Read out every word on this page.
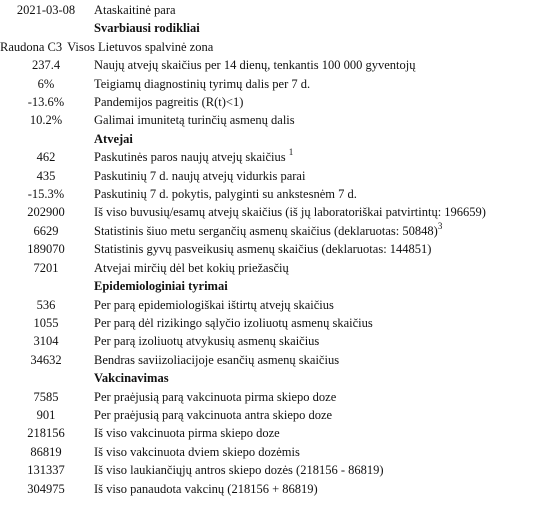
2021-03-08	Ataskaitinė para
	Svarbiausi rodikliai
Raudona C3 Visos Lietuvos spalvinė zona	
237.4	Naujų atvejų skaičius per 14 dienų, tenkantis 100 000 gyventojų
6%	Teigiamų diagnostinių tyrimų dalis per 7 d.
-13.6%	Pandemijos pagreitis (R(t)<1)
10.2%	Galimai imunitetą turinčių asmenų dalis
	Atvejai
462	Paskutinės paros naujų atvejų skaičius $^1$
435	Paskutinių 7 d. naujų atvejų vidurkis parai
-15.3%	Paskutinių 7 d. pokytis, palyginti su ankstesnėm 7 d.
202900	Iš viso buvusių/esamų atvejų skaičius (iš jų laboratoriškai patvirtintų: 196659)
6629	Statistinis šiuo metu sergančių asmenų skaičius (deklaruotas: 50848)$^3$
189070	Statistinis gyvų pasveikusių asmenų skaičius (deklaruotas: 144851)
7201	Atvejai mirčių dėl bet kokių priežasčių
	Epidemiologiniai tyrimai
536	Per parą epidemiologiškai ištirtų atvejų skaičius
1055	Per parą dėl rizikingo sąlyčio izoliuotų asmenų skaičius
3104	Per parą izoliuotų atvykusių asmenų skaičius
34632	Bendras saviizoliacijoje esančių asmenų skaičius
	Vakcinavimas
7585	Per praėjusią parą vakcinuota pirma skiepo doze
901	Per praėjusią parą vakcinuota antra skiepo doze
218156	Iš viso vakcinuota pirma skiepo doze
86819	Iš viso vakcinuota dviem skiepo dozėmis
131337	Iš viso laukiančiųjų antros skiepo dozės (218156 - 86819)
304975	Iš viso panaudota vakcinų (218156 + 86819)
